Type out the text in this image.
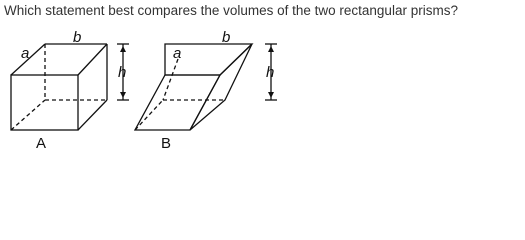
Which statement best compares the volumes of the two rectangular prisms?
a
b
h
A
a
b
h
B
